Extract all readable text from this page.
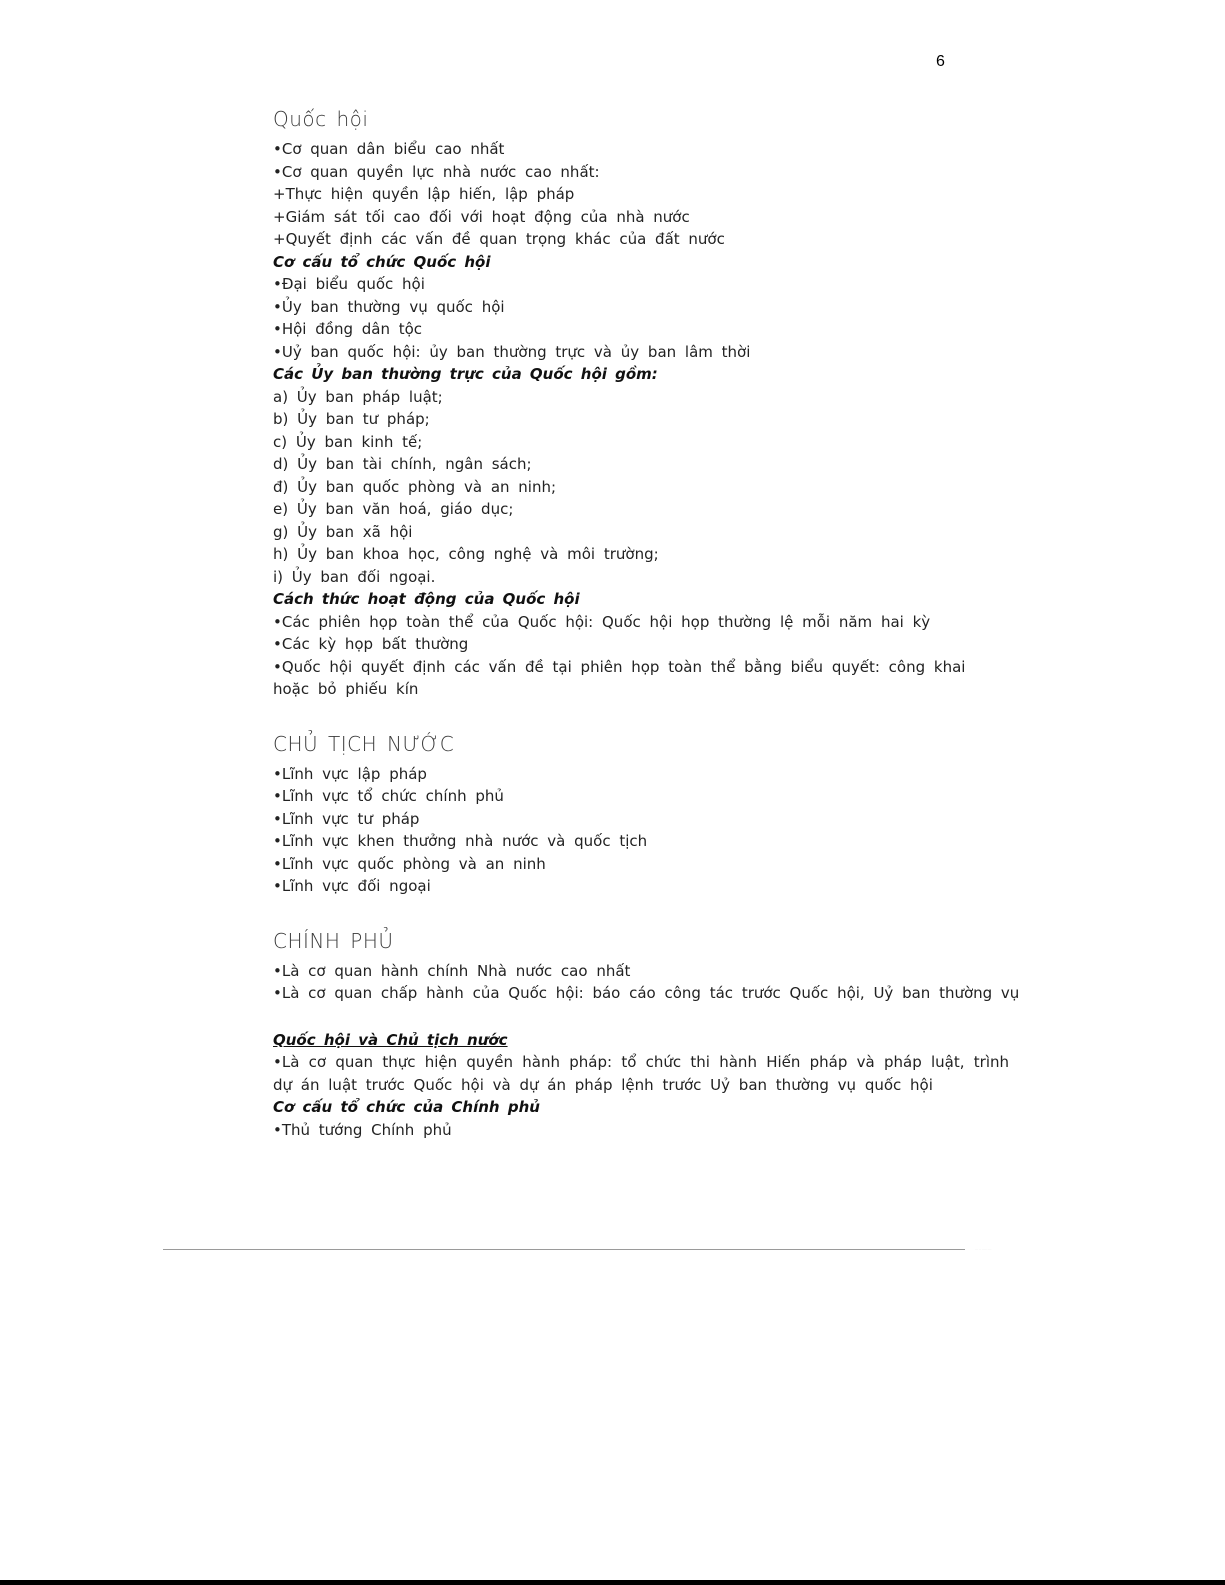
6
Quốc hội
•Cơ quan dân biểu cao nhất
•Cơ quan quyền lực nhà nước cao nhất:
+Thực hiện quyền lập hiến, lập pháp
+Giám sát tối cao đối với hoạt động của nhà nước
+Quyết định các vấn đề quan trọng khác của đất nước
Cơ cấu tổ chức Quốc hội
•Đại biểu quốc hội
•Ủy ban thường vụ quốc hội
•Hội đồng dân tộc
•Uỷ ban quốc hội: ủy ban thường trực và ủy ban lâm thời
Các Ủy ban thường trực của Quốc hội gồm:
a) Ủy ban pháp luật;
b) Ủy ban tư pháp;
c) Ủy ban kinh tế;
d) Ủy ban tài chính, ngân sách;
đ) Ủy ban quốc phòng và an ninh;
e) Ủy ban văn hoá, giáo dục;
g) Ủy ban xã hội
h) Ủy ban khoa học, công nghệ và môi trường;
i) Ủy ban đối ngoại.
Cách thức hoạt động của Quốc hội
•Các phiên họp toàn thể của Quốc hội: Quốc hội họp thường lệ mỗi năm hai kỳ
•Các kỳ họp bất thường
•Quốc hội quyết định các vấn đề tại phiên họp toàn thể bằng biểu quyết: công khai hoặc bỏ phiếu kín
CHỦ TỊCH NƯỚC
•Lĩnh vực lập pháp
•Lĩnh vực tổ chức chính phủ
•Lĩnh vực tư pháp
•Lĩnh vực khen thưởng nhà nước và quốc tịch
•Lĩnh vực quốc phòng và an ninh
•Lĩnh vực đối ngoại
CHÍNH PHỦ
•Là cơ quan hành chính Nhà nước cao nhất
•Là cơ quan chấp hành của Quốc hội: báo cáo công tác trước Quốc hội, Uỷ ban thường vụ
Quốc hội và Chủ tịch nước
•Là cơ quan thực hiện quyền hành pháp: tổ chức thi hành Hiến pháp và pháp luật, trình dự án luật trước Quốc hội và dự án pháp lệnh trước Uỷ ban thường vụ quốc hội
Cơ cấu tổ chức của Chính phủ
•Thủ tướng Chính phủ
··· ·· ····· ····
